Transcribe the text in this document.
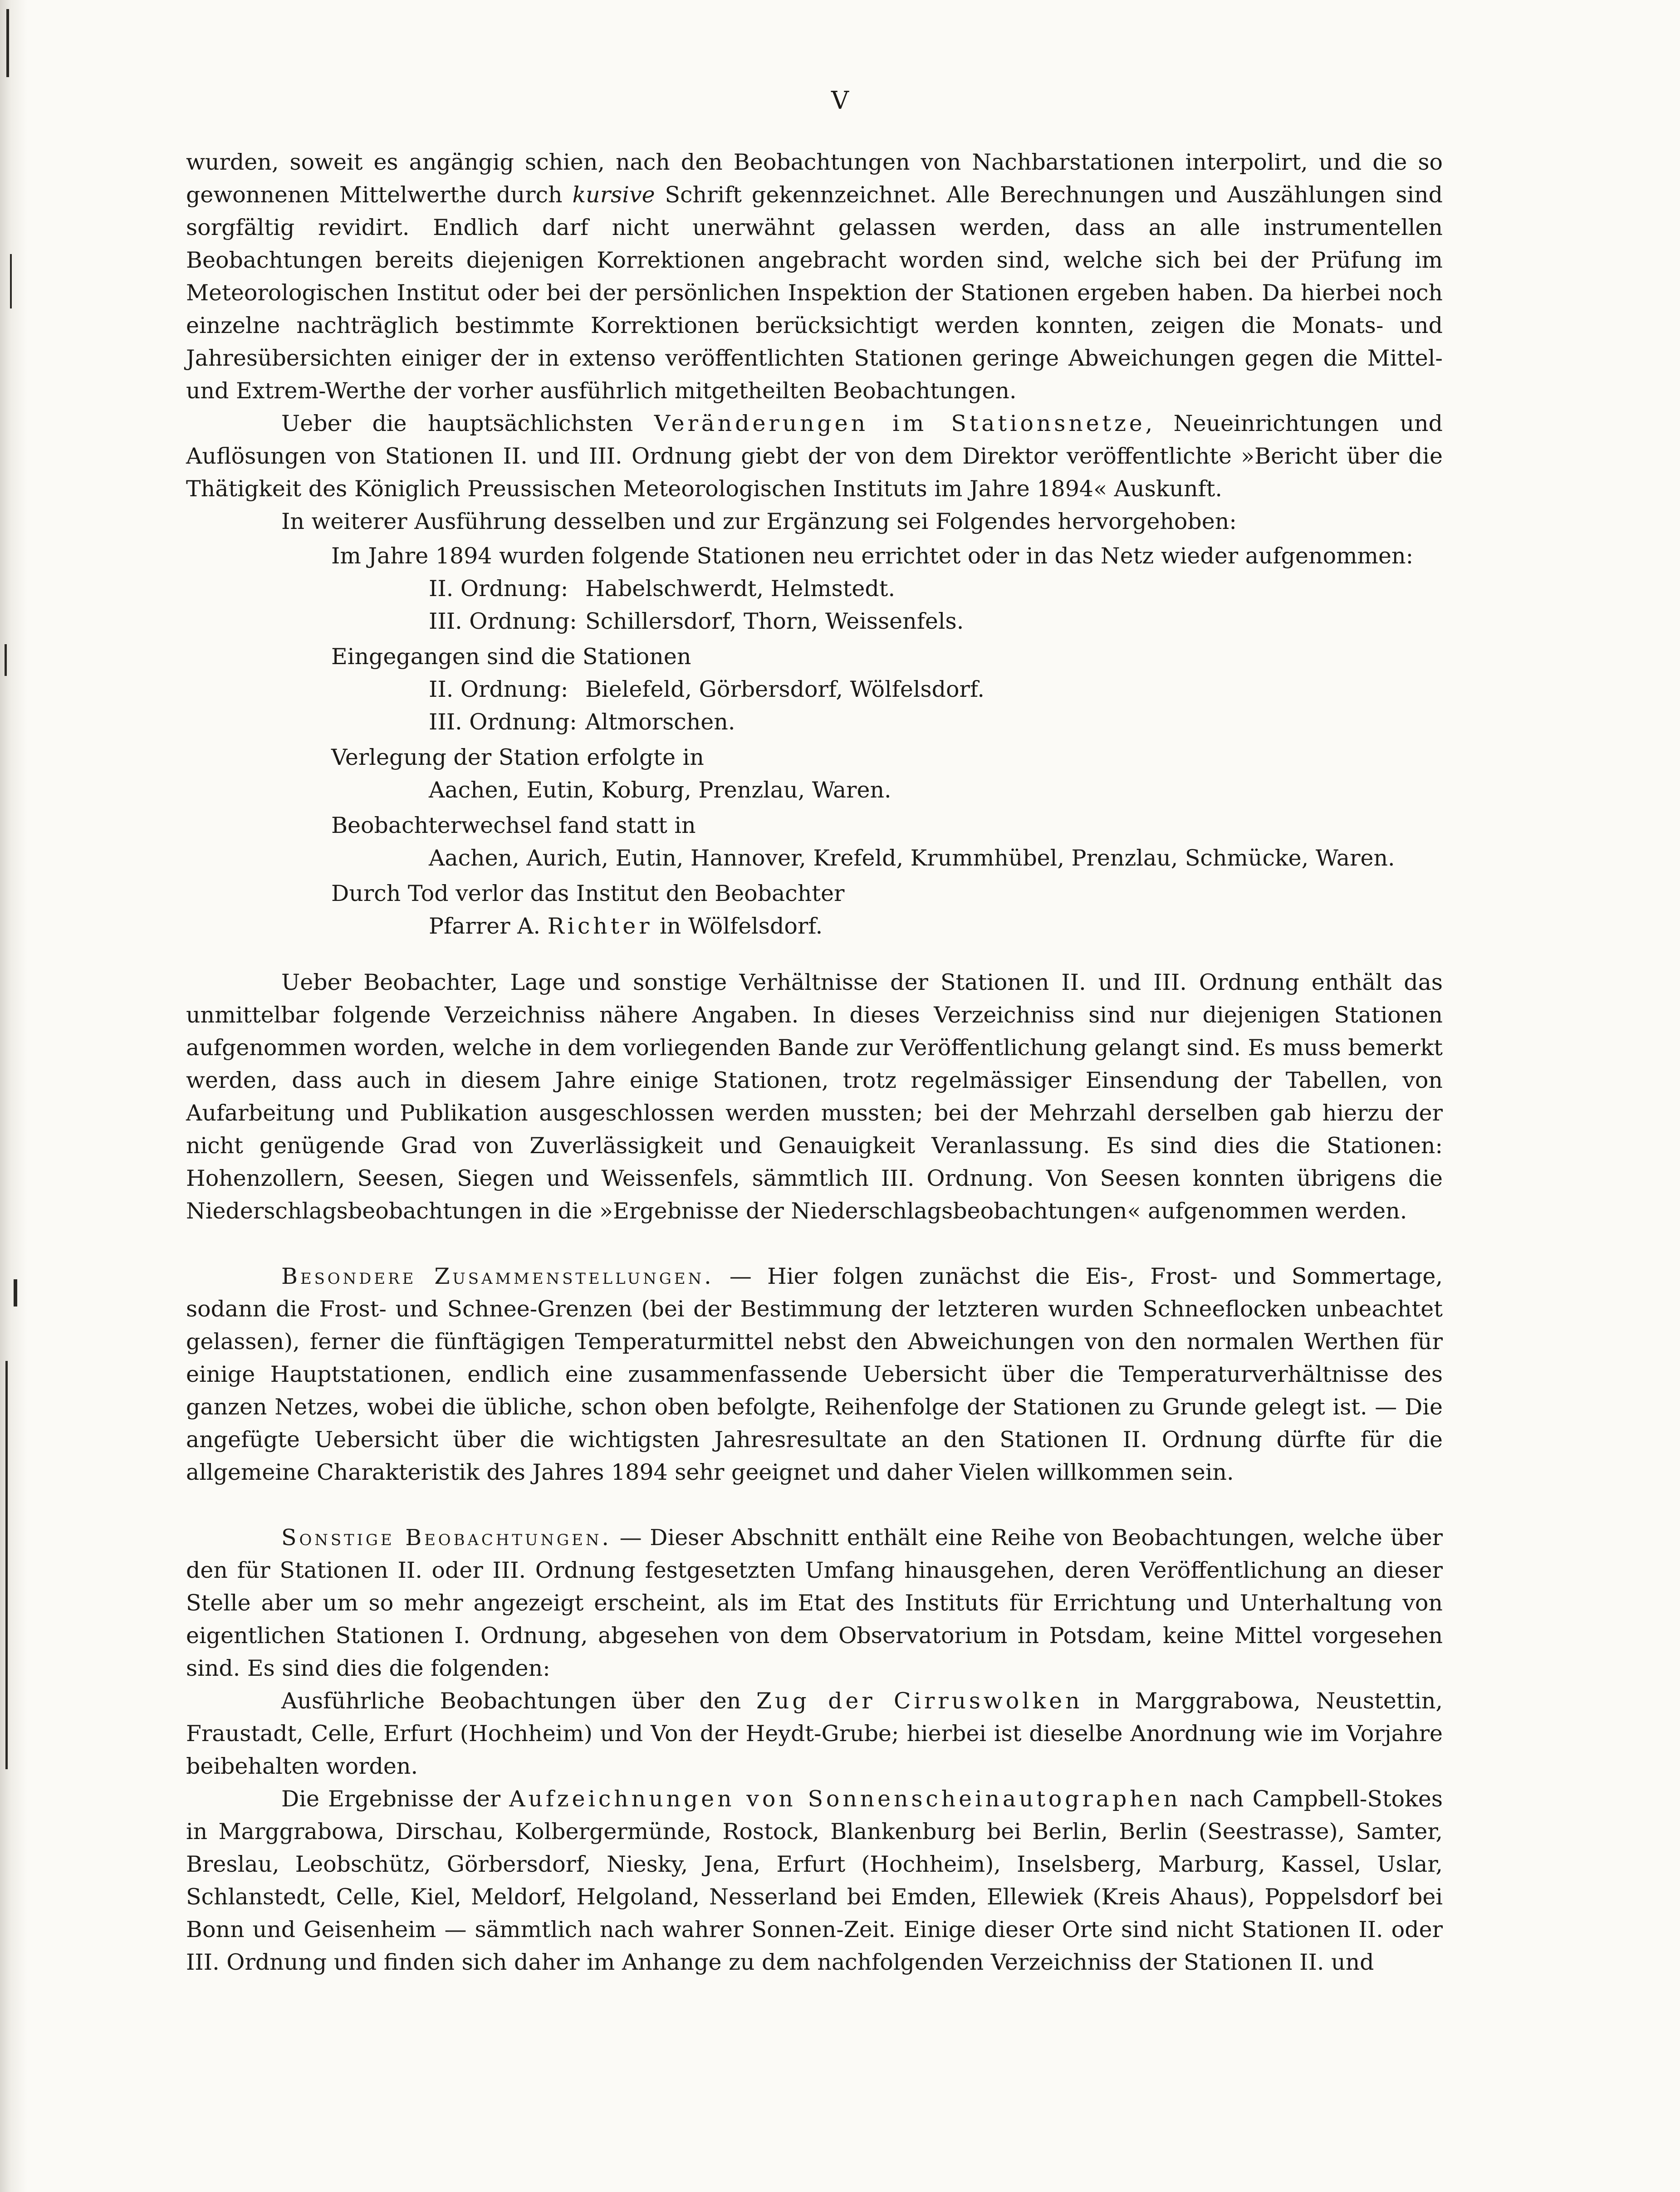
V

wurden, soweit es angängig schien, nach den Beobachtungen von Nachbarstationen interpolirt, und die so gewonnenen Mittelwerthe durch kursive Schrift gekennzeichnet. Alle Berechnungen und Auszählungen sind sorgfältig revidirt. Endlich darf nicht unerwähnt gelassen werden, dass an alle instrumentellen Beobachtungen bereits diejenigen Korrektionen angebracht worden sind, welche sich bei der Prüfung im Meteorologischen Institut oder bei der persönlichen Inspektion der Stationen ergeben haben. Da hierbei noch einzelne nachträglich bestimmte Korrektionen berücksichtigt werden konnten, zeigen die Monats- und Jahresübersichten einiger der in extenso veröffentlichten Stationen geringe Abweichungen gegen die Mittel- und Extrem-Werthe der vorher ausführlich mitgetheilten Beobachtungen.

Ueber die hauptsächlichsten Veränderungen im Stationsnetze, Neueinrichtungen und Auflösungen von Stationen II. und III. Ordnung giebt der von dem Direktor veröffentlichte »Bericht über die Thätigkeit des Königlich Preussischen Meteorologischen Instituts im Jahre 1894« Auskunft.

In weiterer Ausführung desselben und zur Ergänzung sei Folgendes hervorgehoben:

Im Jahre 1894 wurden folgende Stationen neu errichtet oder in das Netz wieder aufgenommen:
II. Ordnung: Habelschwerdt, Helmstedt.
III. Ordnung: Schillersdorf, Thorn, Weissenfels.
Eingegangen sind die Stationen
II. Ordnung: Bielefeld, Görbersdorf, Wölfelsdorf.
III. Ordnung: Altmorschen.
Verlegung der Station erfolgte in
Aachen, Eutin, Koburg, Prenzlau, Waren.
Beobachterwechsel fand statt in
Aachen, Aurich, Eutin, Hannover, Krefeld, Krummhübel, Prenzlau, Schmücke, Waren.
Durch Tod verlor das Institut den Beobachter
Pfarrer A. Richter in Wölfelsdorf.

Ueber Beobachter, Lage und sonstige Verhältnisse der Stationen II. und III. Ordnung enthält das unmittelbar folgende Verzeichniss nähere Angaben. In dieses Verzeichniss sind nur diejenigen Stationen aufgenommen worden, welche in dem vorliegenden Bande zur Veröffentlichung gelangt sind. Es muss bemerkt werden, dass auch in diesem Jahre einige Stationen, trotz regelmässiger Einsendung der Tabellen, von Aufarbeitung und Publikation ausgeschlossen werden mussten; bei der Mehrzahl derselben gab hierzu der nicht genügende Grad von Zuverlässigkeit und Genauigkeit Veranlassung. Es sind dies die Stationen: Hohenzollern, Seesen, Siegen und Weissenfels, sämmtlich III. Ordnung. Von Seesen konnten übrigens die Niederschlagsbeobachtungen in die »Ergebnisse der Niederschlagsbeobachtungen« aufgenommen werden.

Besondere Zusammenstellungen. — Hier folgen zunächst die Eis-, Frost- und Sommertage, sodann die Frost- und Schnee-Grenzen (bei der Bestimmung der letzteren wurden Schneeflocken unbeachtet gelassen), ferner die fünftägigen Temperaturmittel nebst den Abweichungen von den normalen Werthen für einige Hauptstationen, endlich eine zusammenfassende Uebersicht über die Temperaturverhältnisse des ganzen Netzes, wobei die übliche, schon oben befolgte, Reihenfolge der Stationen zu Grunde gelegt ist. — Die angefügte Uebersicht über die wichtigsten Jahresresultate an den Stationen II. Ordnung dürfte für die allgemeine Charakteristik des Jahres 1894 sehr geeignet und daher Vielen willkommen sein.

Sonstige Beobachtungen. — Dieser Abschnitt enthält eine Reihe von Beobachtungen, welche über den für Stationen II. oder III. Ordnung festgesetzten Umfang hinausgehen, deren Veröffentlichung an dieser Stelle aber um so mehr angezeigt erscheint, als im Etat des Instituts für Errichtung und Unterhaltung von eigentlichen Stationen I. Ordnung, abgesehen von dem Observatorium in Potsdam, keine Mittel vorgesehen sind. Es sind dies die folgenden:

Ausführliche Beobachtungen über den Zug der Cirruswolken in Marggrabowa, Neustettin, Fraustadt, Celle, Erfurt (Hochheim) und Von der Heydt-Grube; hierbei ist dieselbe Anordnung wie im Vorjahre beibehalten worden.

Die Ergebnisse der Aufzeichnungen von Sonnenscheinautographen nach Campbell-Stokes in Marggrabowa, Dirschau, Kolbergermünde, Rostock, Blankenburg bei Berlin, Berlin (Seestrasse), Samter, Breslau, Leobschütz, Görbersdorf, Niesky, Jena, Erfurt (Hochheim), Inselsberg, Marburg, Kassel, Uslar, Schlanstedt, Celle, Kiel, Meldorf, Helgoland, Nesserland bei Emden, Ellewiek (Kreis Ahaus), Poppelsdorf bei Bonn und Geisenheim — sämmtlich nach wahrer Sonnen-Zeit. Einige dieser Orte sind nicht Stationen II. oder III. Ordnung und finden sich daher im Anhange zu dem nachfolgenden Verzeichniss der Stationen II. und
